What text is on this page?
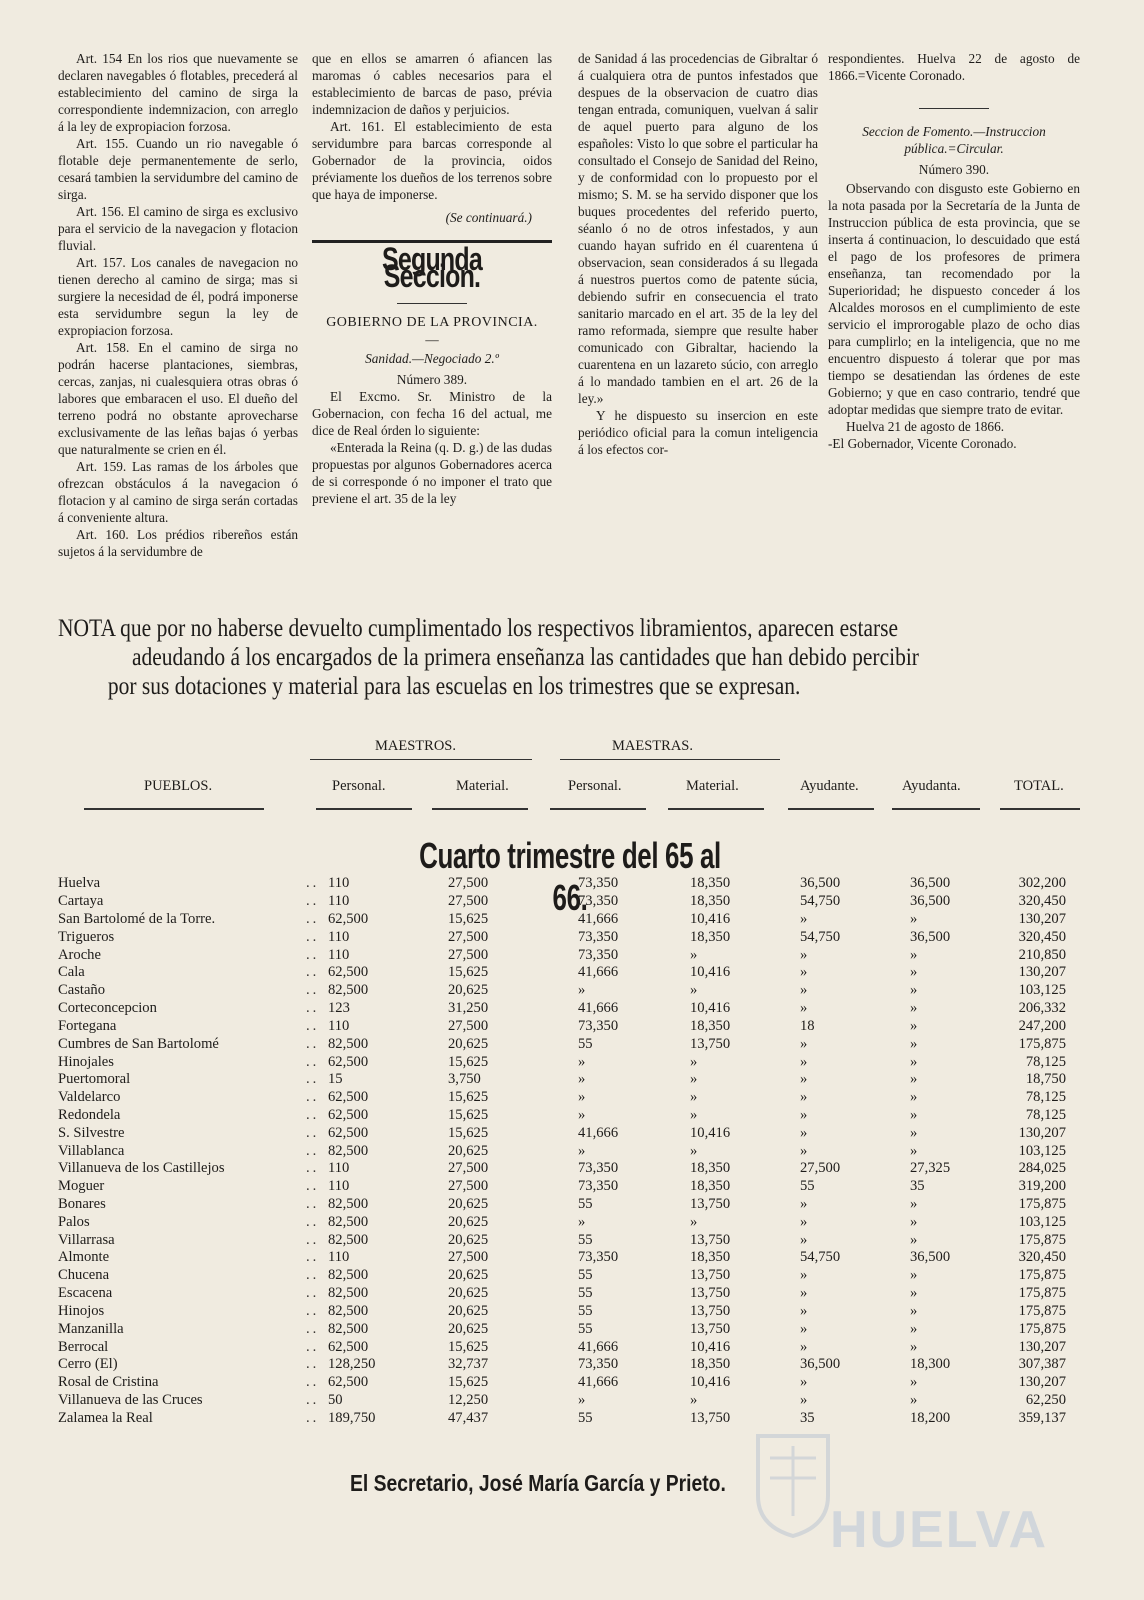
Art. 154 En los rios que nuevamente se declaren navegables ó flotables, precederá al establecimiento del camino de sirga la correspondiente indemnizacion, con arreglo á la ley de expropiacion forzosa.

Art. 155. Cuando un rio navegable ó flotable deje permanentemente de serlo, cesará tambien la servidumbre del camino de sirga.

Art. 156. El camino de sirga es exclusivo para el servicio de la navegacion y flotacion fluvial.

Art. 157. Los canales de navegacion no tienen derecho al camino de sirga; mas si surgiere la necesidad de él, podrá imponerse esta servidumbre segun la ley de expropiacion forzosa.

Art. 158. En el camino de sirga no podrán hacerse plantaciones, siembras, cercas, zanjas, ni cualesquiera otras obras ó labores que embaracen el uso. El dueño del terreno podrá no obstante aprovecharse exclusivamente de las leñas bajas ó yerbas que naturalmente se crien en él.

Art. 159. Las ramas de los árboles que ofrezcan obstáculos á la navegacion ó flotacion y al camino de sirga serán cortadas á conveniente altura.

Art. 160. Los prédios ribereños están sujetos á la servidumbre de

que en ellos se amarren ó afiancen las maromas ó cables necesarios para el establecimiento de barcas de paso, prévia indemnizacion de daños y perjuicios.

Art. 161. El establecimiento de esta servidumbre para barcas corresponde al Gobernador de la provincia, oidos préviamente los dueños de los terrenos sobre que haya de imponerse.

(Se continuará.)
Segunda Seccion.
GOBIERNO DE LA PROVINCIA.
—
Sanidad.—Negociado 2.º
Número 389.

El Excmo. Sr. Ministro de la Gobernacion, con fecha 16 del actual, me dice de Real órden lo siguiente:

«Enterada la Reina (q. D. g.) de las dudas propuestas por algunos Gobernadores acerca de si corresponde ó no imponer el trato que previene el art. 35 de la ley

de Sanidad á las procedencias de Gibraltar ó á cualquiera otra de puntos infestados que despues de la observacion de cuatro dias tengan entrada, comuniquen, vuelvan á salir de aquel puerto para alguno de los españoles: Visto lo que sobre el particular ha consultado el Consejo de Sanidad del Reino, y de conformidad con lo propuesto por el mismo; S. M. se ha servido disponer que los buques procedentes del referido puerto, séanlo ó no de otros infestados, y aun cuando hayan sufrido en él cuarentena ú observacion, sean considerados á su llegada á nuestros puertos como de patente súcia, debiendo sufrir en consecuencia el trato sanitario marcado en el art. 35 de la ley del ramo reformada, siempre que resulte haber comunicado con Gibraltar, haciendo la cuarentena en un lazareto súcio, con arreglo á lo mandado tambien en el art. 26 de la ley.»

Y he dispuesto su insercion en este periódico oficial para la comun inteligencia á los efectos cor-

respondientes. Huelva 22 de agosto de 1866.=Vicente Coronado.

Seccion de Fomento.—Instruccion pública.=Circular.
Número 390.

Observando con disgusto este Gobierno en la nota pasada por la Secretaría de la Junta de Instruccion pública de esta provincia, que se inserta á continuacion, lo descuidado que está el pago de los profesores de primera enseñanza, tan recomendado por la Superioridad; he dispuesto conceder á los Alcaldes morosos en el cumplimiento de este servicio el improrogable plazo de ocho dias para cumplirlo; en la inteligencia, que no me encuentro dispuesto á tolerar que por mas tiempo se desatiendan las órdenes de este Gobierno; y que en caso contrario, tendré que adoptar medidas que siempre trato de evitar.

Huelva 21 de agosto de 1866.

-El Gobernador, Vicente Coronado.

NOTA que por no haberse devuelto cumplimentado los respectivos libramientos, aparecen estarse

adeudando á los encargados de la primera enseñanza las cantidades que han debido percibir

por sus dotaciones y material para las escuelas en los trimestres que se expresan.

MAESTROS.	MAESTRAS.
PUEBLOS.	Personal.	Material.	Personal.	Material.	Ayudante.	Ayudanta.	TOTAL.
Cuarto trimestre del 65 al 66.
Huelva	..	110	27,500	73,350	18,350	36,500	36,500	302,200
Cartaya	..	110	27,500	73,350	18,350	54,750	36,500	320,450
San Bartolomé de la Torre.	..	62,500	15,625	41,666	10,416	»	»	130,207
Trigueros	..	110	27,500	73,350	18,350	54,750	36,500	320,450
Aroche	..	110	27,500	73,350	»	»	»	210,850
Cala	..	62,500	15,625	41,666	10,416	»	»	130,207
Castaño	..	82,500	20,625	»	»	»	»	103,125
Corteconcepcion	..	123	31,250	41,666	10,416	»	»	206,332
Fortegana	..	110	27,500	73,350	18,350	18	»	247,200
Cumbres de San Bartolomé	..	82,500	20,625	55	13,750	»	»	175,875
Hinojales	..	62,500	15,625	»	»	»	»	78,125
Puertomoral	..	15	3,750	»	»	»	»	18,750
Valdelarco	..	62,500	15,625	»	»	»	»	78,125
Redondela	..	62,500	15,625	»	»	»	»	78,125
S. Silvestre	..	62,500	15,625	41,666	10,416	»	»	130,207
Villablanca	..	82,500	20,625	»	»	»	»	103,125
Villanueva de los Castillejos	..	110	27,500	73,350	18,350	27,500	27,325	284,025
Moguer	..	110	27,500	73,350	18,350	55	35	319,200
Bonares	..	82,500	20,625	55	13,750	»	»	175,875
Palos	..	82,500	20,625	»	»	»	»	103,125
Villarrasa	..	82,500	20,625	55	13,750	»	»	175,875
Almonte	..	110	27,500	73,350	18,350	54,750	36,500	320,450
Chucena	..	82,500	20,625	55	13,750	»	»	175,875
Escacena	..	82,500	20,625	55	13,750	»	»	175,875
Hinojos	..	82,500	20,625	55	13,750	»	»	175,875
Manzanilla	..	82,500	20,625	55	13,750	»	»	175,875
Berrocal	..	62,500	15,625	41,666	10,416	»	»	130,207
Cerro (El)	..	128,250	32,737	73,350	18,350	36,500	18,300	307,387
Rosal de Cristina	..	62,500	15,625	41,666	10,416	»	»	130,207
Villanueva de las Cruces	..	50	12,250	»	»	»	»	62,250
Zalamea la Real	..	189,750	47,437	55	13,750	35	18,200	359,137
El Secretario, José María García y Prieto.
HUELVA
